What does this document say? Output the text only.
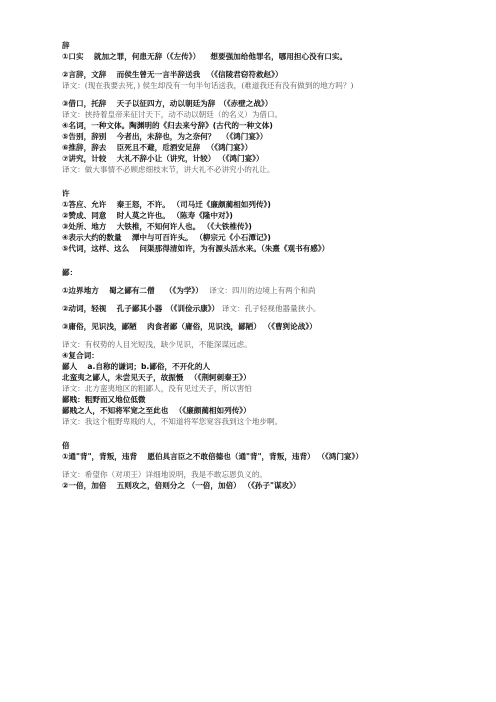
辞
①口实　 就加之罪，何患无辞（《左传》） 　想要强加给他罪名，哪用担心没有口实。
②言辞，文辞　 而侯生曾无一言半辞送我 　（《信陵君窃符救赵》）
译文：(现在我要去死，) 侯生却没有一句半句话送我，(难道我还有没有做到的地方吗？)
③借口，托辞 　天子以征四方，动以朝廷为辞　（《赤壁之战》）
译文：挟持着皇帝来征讨天下，动不动以朝廷（的名义）为借口。
④名词，一种文体。陶渊明的《归去来兮辞》(古代的一种文体)
⑤告别，辞别 　今者出，未辞也，为之奈何？ 　（《鸿门宴》）
⑥推辞，辞去 　臣死且不避，卮酒安足辞 　（《鸿门宴》）
⑦讲究，计较 　大礼不辞小让（讲究，计较） （《鸿门宴》）
译文：做大事情不必顾虑细枝末节，讲大礼不必讲究小的礼让。
许
①答应、允许　 秦王怒，不许。 （司马迁《廉颇蔺相如列传》)
②赞成、同意 　时人莫之许也。 （陈寿《隆中对》)
③处所、地方 　大铁椎，不知何许人也。 （《大铁椎传》)
④表示大约的数量 　潭中与可百许头。 （柳宗元《小石潭记》)
⑤代词，这样、这么 　问渠那得清如许，为有源头活水来。（朱熹《观书有感》）
鄙：
①边界地方 　蜀之鄙有二僧　 （《为学》）　 译文：四川的边境上有两个和尚
②动词，轻视 　孔子鄙其小器　（《训俭示康》） 译文：孔子轻视他器量狭小。
③庸俗，见识浅，鄙陋 　肉食者鄙（庸俗，见识浅，鄙陋） （《曹刿论战》）
译文：有权势的人目光短浅，缺少见识，不能深谋远虑。
④复合词：
鄙人 　a.自称的谦词；b.鄙俗，不开化的人
北蛮夷之鄙人，未尝见天子，故振慑 　（《荆轲刺秦王》）
译文：北方蛮夷地区的粗鄙人，没有见过天子，所以害怕
鄙贱：粗野而又地位低微
鄙贱之人，不知将军宽之至此也 　（《廉颇蔺相如列传》）
译文：我这个粗野卑贱的人，不知道将军您宽容我到这个地步啊。
倍
①通"背"，背叛，违背 　愿伯具言臣之不敢倍德也（通"背"，背叛，违背） （《鸿门宴》）
译文：希望你（对项王）详细地说明，我是不敢忘恩负义的。
②一倍，加倍 　五则攻之，倍则分之 （一倍，加倍） （《孙子"谋攻》）
